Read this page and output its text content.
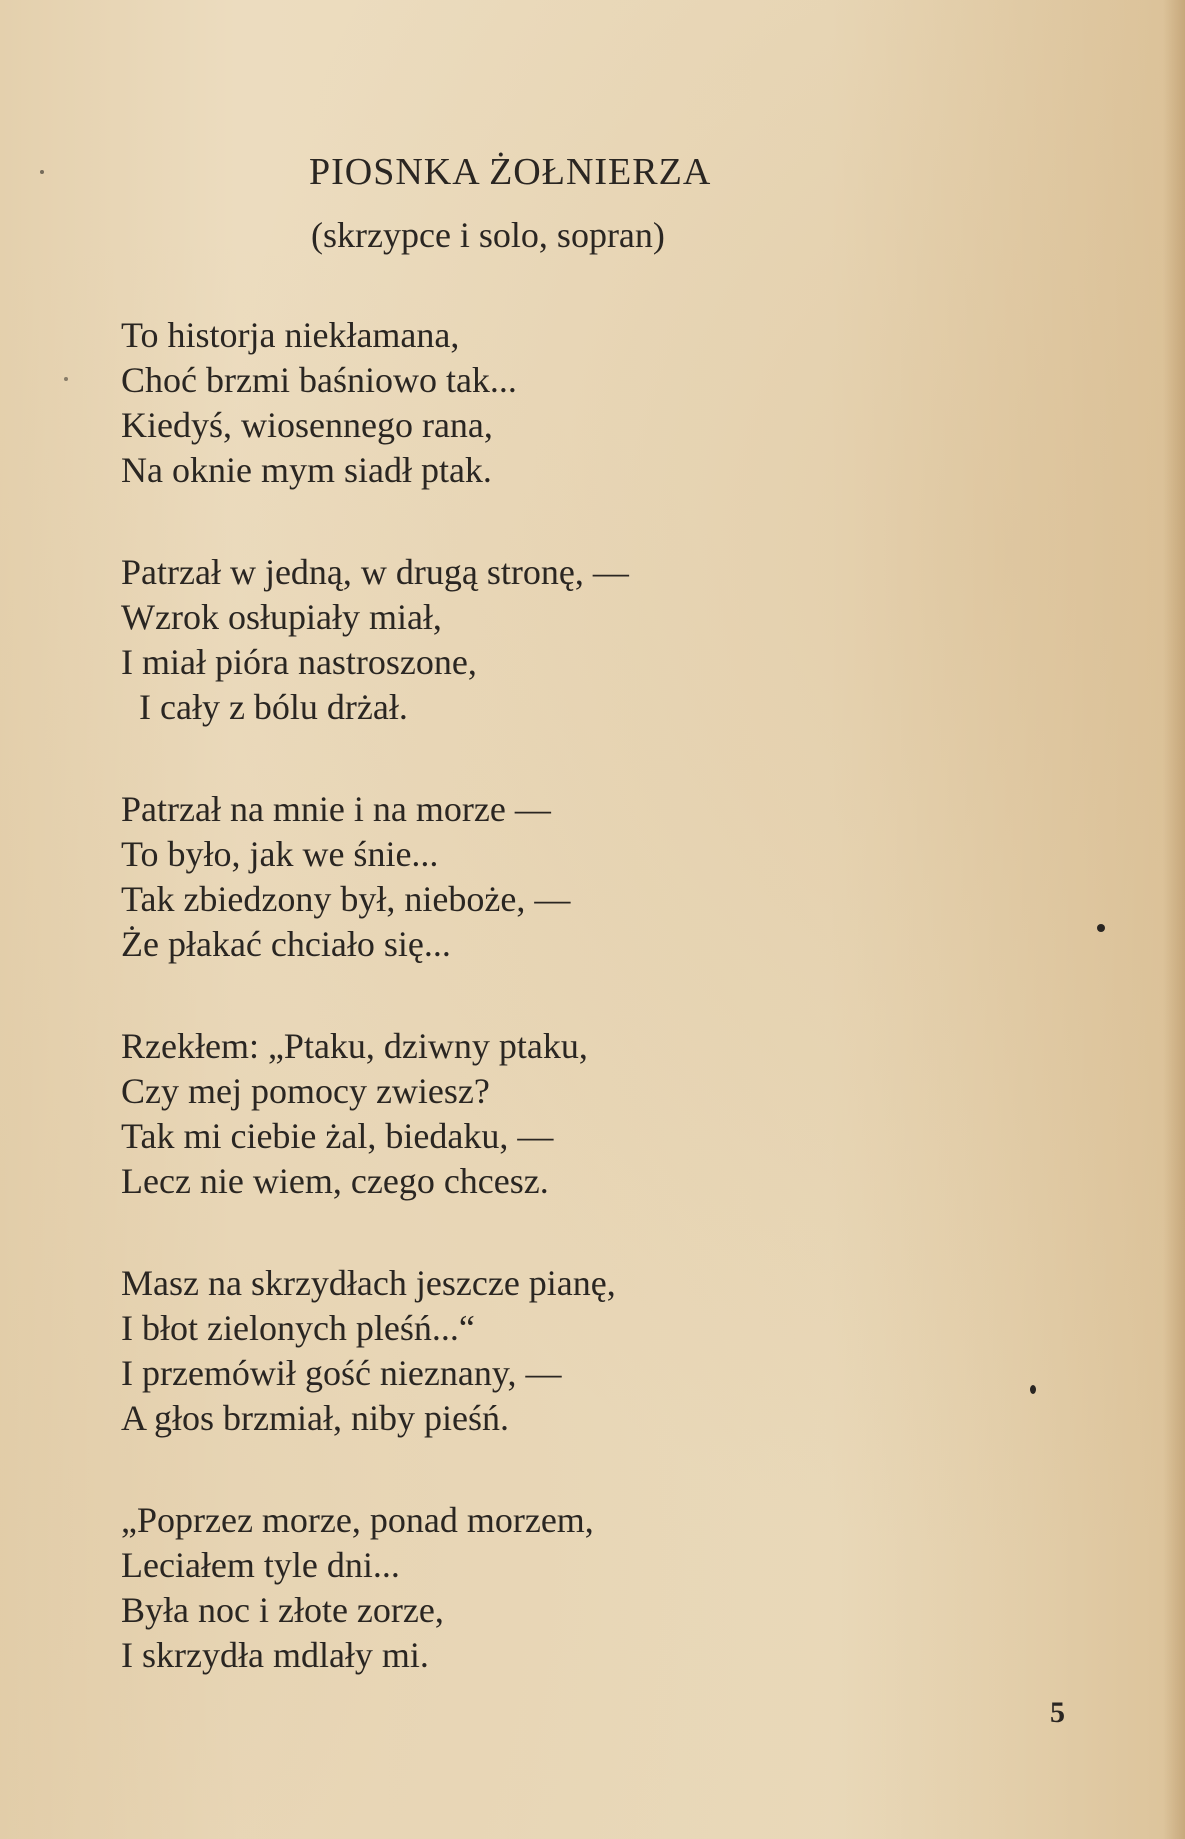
PIOSNKA ŻOŁNIERZA
(skrzypce i solo, sopran)
To historja niekłamana,
Choć brzmi baśniowo tak...
Kiedyś, wiosennego rana,
Na oknie mym siadł ptak.
Patrzał w jedną, w drugą stronę, —
Wzrok osłupiały miał,
I miał pióra nastroszone,
I cały z bólu drżał.
Patrzał na mnie i na morze —
To było, jak we śnie...
Tak zbiedzony był, nieboże, —
Że płakać chciało się...
Rzekłem: „Ptaku, dziwny ptaku,
Czy mej pomocy zwiesz?
Tak mi ciebie żal, biedaku, —
Lecz nie wiem, czego chcesz.
Masz na skrzydłach jeszcze pianę,
I błot zielonych pleśń...“
I przemówił gość nieznany, —
A głos brzmiał, niby pieśń.
„Poprzez morze, ponad morzem,
Leciałem tyle dni...
Była noc i złote zorze,
I skrzydła mdlały mi.
5
